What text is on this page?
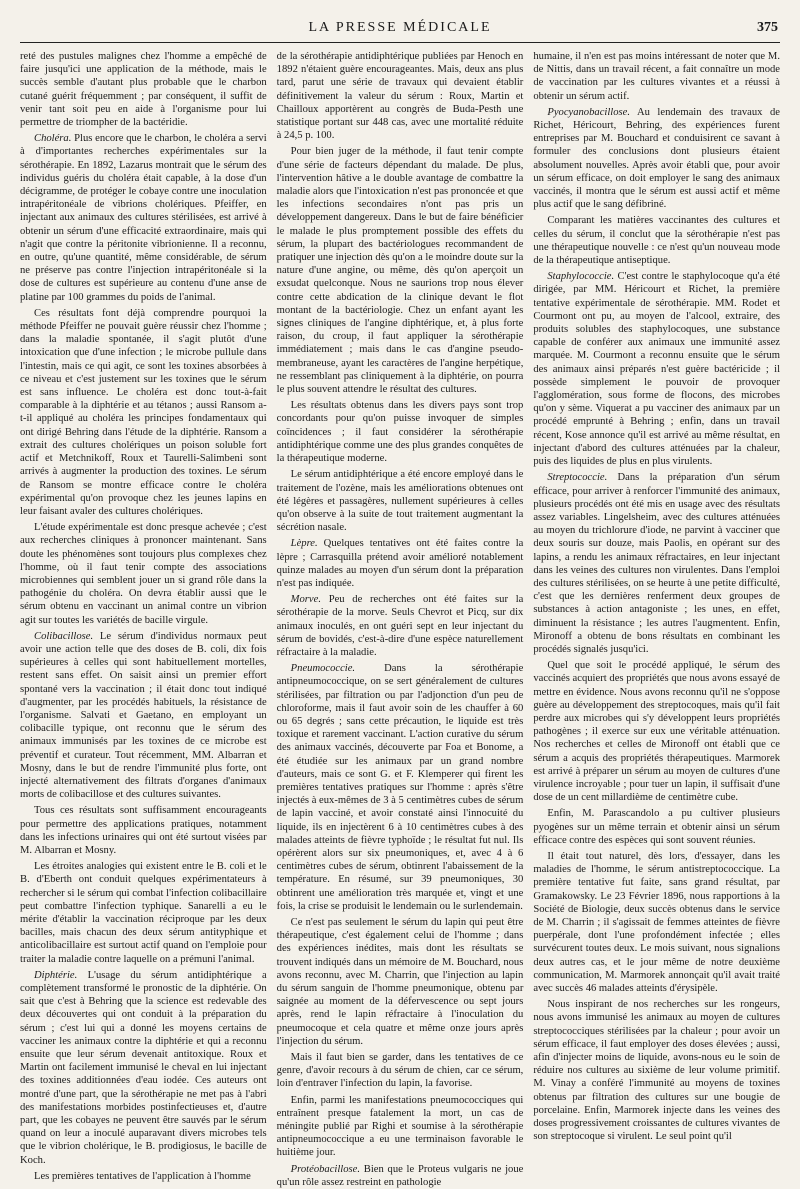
LA PRESSE MÉDICALE	375

reté des pustules malignes chez l'homme a empêché de faire jusqu'ici une application de la méthode, mais le succès semble d'autant plus probable que le charbon cutané guérit fréquemment ; par conséquent, il suffit de venir tant soit peu en aide à l'organisme pour lui permettre de triompher de la bactéridie.

Choléra. Plus encore que le charbon, le choléra a servi à d'importantes recherches expérimentales sur la sérothérapie. En 1892, Lazarus montrait que le sérum des individus guéris du choléra était capable, à la dose d'un décigramme, de protéger le cobaye contre une inoculation intrapéritonéale de vibrions cholériques. Pfeiffer, en injectant aux animaux des cultures stérilisées, est arrivé à obtenir un sérum d'une efficacité extraordinaire, mais qui n'agit que contre la péritonite vibrionienne. Il a reconnu, en outre, qu'une quantité, même considérable, de sérum ne préserve pas contre l'injection intrapéritonéale si la dose de cultures est supérieure au contenu d'une anse de platine par 100 grammes du poids de l'animal.

Ces résultats font déjà comprendre pourquoi la méthode Pfeiffer ne pouvait guère réussir chez l'homme ; dans la maladie spontanée, il s'agit plutôt d'une intoxication que d'une infection ; le microbe pullule dans l'intestin, mais ce qui agit, ce sont les toxines absorbées à ce niveau et c'est justement sur les toxines que le sérum est sans influence. Le choléra est donc tout-à-fait comparable à la diphtérie et au tétanos ; aussi Ransom a-t-il appliqué au choléra les principes fondamentaux qui ont dirigé Behring dans l'étude de la diphtérie. Ransom a extrait des cultures cholériques un poison soluble fort actif et Metchnikoff, Roux et Taurelli-Salimbeni sont arrivés à augmenter la production des toxines. Le sérum de Ransom se montre efficace contre le choléra expérimental qu'on provoque chez les jeunes lapins en leur faisant avaler des cultures cholériques.

L'étude expérimentale est donc presque achevée ; c'est aux recherches cliniques à prononcer maintenant. Sans doute les phénomènes sont toujours plus complexes chez l'homme, où il faut tenir compte des associations microbiennes qui semblent jouer un si grand rôle dans la pathogénie du choléra. On devra établir aussi que le sérum obtenu en vaccinant un animal contre un vibrion agit sur toutes les variétés de bacille virgule.

Colibacillose. Le sérum d'individus normaux peut avoir une action telle que des doses de B. coli, dix fois supérieures à celles qui sont habituellement mortelles, restent sans effet. On saisit ainsi un premier effort spontané vers la vaccination ; il était donc tout indiqué d'augmenter, par les procédés habituels, la résistance de l'organisme. Salvati et Gaetano, en employant un colibacille typique, ont reconnu que le sérum des animaux immunisés par les toxines de ce microbe est préventif et curateur. Tout récemment, MM. Albarran et Mosny, dans le but de rendre l'immunité plus forte, ont injecté alternativement des filtrats d'organes d'animaux morts de colibacillose et des cultures suivantes.

Tous ces résultats sont suffisamment encourageants pour permettre des applications pratiques, notamment dans les infections urinaires qui ont été surtout visées par M. Albarran et Mosny.

Les étroites analogies qui existent entre le B. coli et le B. d'Eberth ont conduit quelques expérimentateurs à rechercher si le sérum qui combat l'infection colibacillaire peut combattre l'infection typhique. Sanarelli a eu le mérite d'établir la vaccination réciproque par les deux bacilles, mais chacun des deux sérum antityphique et anticolibacillaire est surtout actif quand on l'emploie pour traiter la maladie contre laquelle on a prémuni l'animal.

Diphtérie. L'usage du sérum antidiphtérique a complètement transformé le pronostic de la diphtérie. On sait que c'est à Behring que la science est redevable des deux découvertes qui ont conduit à la préparation du sérum ; c'est lui qui a donné les moyens certains de vacciner les animaux contre la diphtérie et qui a reconnu ensuite que leur sérum devenait antitoxique. Roux et Martin ont facilement immunisé le cheval en lui injectant des toxines additionnées d'eau iodée. Ces auteurs ont montré d'une part, que la sérothérapie ne met pas à l'abri des manifestations morbides postinfectieuses et, d'autre part, que les cobayes ne peuvent être sauvés par le sérum quand on leur a inoculé auparavant divers microbes tels que le vibrion cholérique, le B. prodigiosus, le bacille de Koch.

Les premières tentatives de l'application à l'homme

de la sérothérapie antidiphtérique publiées par Henoch en 1892 n'étaient guère encourageantes. Mais, deux ans plus tard, parut une série de travaux qui devaient établir définitivement la valeur du sérum : Roux, Martin et Chailloux apportèrent au congrès de Buda-Pesth une statistique portant sur 448 cas, avec une mortalité réduite à 24,5 p. 100.

Pour bien juger de la méthode, il faut tenir compte d'une série de facteurs dépendant du malade. De plus, l'intervention hâtive a le double avantage de combattre la maladie alors que l'intoxication n'est pas prononcée et que les infections secondaires n'ont pas pris un développement dangereux. Dans le but de faire bénéficier le malade le plus promptement possible des effets du sérum, la plupart des bactériologues recommandent de pratiquer une injection dès qu'on a le moindre doute sur la nature d'une angine, ou même, dès qu'on aperçoit un exsudat quelconque. Nous ne saurions trop nous élever contre cette abdication de la clinique devant le flot montant de la bactériologie. Chez un enfant ayant les signes cliniques de l'angine diphtérique, et, à plus forte raison, du croup, il faut appliquer la sérothérapie immédiatement ; mais dans le cas d'angine pseudo-membraneuse, ayant les caractères de l'angine herpétique, ne ressemblant pas cliniquement à la diphtérie, on pourra le plus souvent attendre le résultat des cultures.

Les résultats obtenus dans les divers pays sont trop concordants pour qu'on puisse invoquer de simples coïncidences ; il faut considérer la sérothérapie antidiphtérique comme une des plus grandes conquêtes de la thérapeutique moderne.

Le sérum antidiphtérique a été encore employé dans le traitement de l'ozène, mais les améliorations obtenues ont été légères et passagères, nullement supérieures à celles qu'on observe à la suite de tout traitement augmentant la sécrétion nasale.

Lèpre. Quelques tentatives ont été faites contre la lèpre ; Carrasquilla prétend avoir amélioré notablement quinze malades au moyen d'un sérum dont la préparation n'est pas indiquée.

Morve. Peu de recherches ont été faites sur la sérothérapie de la morve. Seuls Chevrot et Picq, sur dix animaux inoculés, en ont guéri sept en leur injectant du sérum de bovidés, c'est-à-dire d'une espèce naturellement réfractaire à la maladie.

Pneumococcie. Dans la sérothérapie antipneumococcique, on se sert généralement de cultures stérilisées, par filtration ou par l'adjonction d'un peu de chloroforme, mais il faut avoir soin de les chauffer à 60 ou 65 degrés ; sans cette précaution, le liquide est très toxique et rarement vaccinant. L'action curative du sérum des animaux vaccinés, découverte par Foa et Bonome, a été étudiée sur les animaux par un grand nombre d'auteurs, mais ce sont G. et F. Klemperer qui firent les premières tentatives pratiques sur l'homme : après s'être injectés à eux-mêmes de 3 à 5 centimètres cubes de sérum de lapin vacciné, et avoir constaté ainsi l'innocuité du liquide, ils en injectèrent 6 à 10 centimètres cubes à des malades atteints de fièvre typhoïde ; le résultat fut nul. Ils opérèrent alors sur six pneumoniques, et, avec 4 à 6 centimètres cubes de sérum, obtinrent l'abaissement de la température. En résumé, sur 39 pneumoniques, 30 obtinrent une amélioration très marquée et, vingt et une fois, la crise se produisit le lendemain ou le surlendemain.

Ce n'est pas seulement le sérum du lapin qui peut être thérapeutique, c'est également celui de l'homme ; dans des expériences inédites, mais dont les résultats se trouvent indiqués dans un mémoire de M. Bouchard, nous avons reconnu, avec M. Charrin, que l'injection au lapin du sérum sanguin de l'homme pneumonique, obtenu par saignée au moment de la défervescence ou sept jours après, rend le lapin réfractaire à l'inoculation du pneumocoque et cela quatre et même onze jours après l'injection du sérum.

Mais il faut bien se garder, dans les tentatives de ce genre, d'avoir recours à du sérum de chien, car ce sérum, loin d'entraver l'infection du lapin, la favorise.

Enfin, parmi les manifestations pneumococciques qui entraînent presque fatalement la mort, un cas de méningite publié par Righi et soumise à la sérothérapie antipneumococcique a eu une terminaison favorable le huitième jour.

Protéobacillose. Bien que le Proteus vulgaris ne joue qu'un rôle assez restreint en pathologie

humaine, il n'en est pas moins intéressant de noter que M. de Nittis, dans un travail récent, a fait connaître un mode de vaccination par les cultures vivantes et a réussi à obtenir un sérum actif.

Pyocyanobacillose. Au lendemain des travaux de Richet, Héricourt, Behring, des expériences furent entreprises par M. Bouchard et conduisirent ce savant à formuler des conclusions dont plusieurs étaient absolument nouvelles. Après avoir établi que, pour avoir un sérum efficace, on doit employer le sang des animaux vaccinés, il montra que le sérum est aussi actif et même plus actif que le sang défibriné.

Comparant les matières vaccinantes des cultures et celles du sérum, il conclut que la sérothérapie n'est pas une thérapeutique nouvelle : ce n'est qu'un nouveau mode de la thérapeutique antiseptique.

Staphylococcie. C'est contre le staphylocoque qu'a été dirigée, par MM. Héricourt et Richet, la première tentative expérimentale de sérothérapie. MM. Rodet et Courmont ont pu, au moyen de l'alcool, extraire, des produits solubles des staphylocoques, une substance capable de conférer aux animaux une immunité assez marquée. M. Courmont a reconnu ensuite que le sérum des animaux ainsi préparés n'est guère bactéricide ; il possède simplement le pouvoir de provoquer l'agglomération, sous forme de flocons, des microbes qu'on y sème. Viquerat a pu vacciner des animaux par un procédé emprunté à Behring ; enfin, dans un travail récent, Kose annonce qu'il est arrivé au même résultat, en injectant d'abord des cultures atténuées par la chaleur, puis des liquides de plus en plus virulents.

Streptococcie. Dans la préparation d'un sérum efficace, pour arriver à renforcer l'immunité des animaux, plusieurs procédés ont été mis en usage avec des résultats assez variables. Lingelsheim, avec des cultures atténuées au moyen du trichlorure d'iode, ne parvint à vacciner que deux souris sur douze, mais Paolis, en opérant sur des lapins, a rendu les animaux réfractaires, en leur injectant dans les veines des cultures non virulentes. Dans l'emploi des cultures stérilisées, on se heurte à une petite difficulté, c'est que les dernières renferment deux groupes de substances à action antagoniste ; les unes, en effet, diminuent la résistance ; les autres l'augmentent. Enfin, Mironoff a obtenu de bons résultats en combinant les procédés signalés jusqu'ici.

Quel que soit le procédé appliqué, le sérum des vaccinés acquiert des propriétés que nous avons essayé de mettre en évidence. Nous avons reconnu qu'il ne s'oppose guère au développement des streptocoques, mais qu'il fait perdre aux microbes qui s'y développent leurs propriétés pathogènes ; il exerce sur eux une véritable atténuation. Nos recherches et celles de Mironoff ont établi que ce sérum a acquis des propriétés thérapeutiques. Marmorek est arrivé à préparer un sérum au moyen de cultures d'une virulence incroyable ; pour tuer un lapin, il suffisait d'une dose de un cent millardième de centimètre cube.

Enfin, M. Parascandolo a pu cultiver plusieurs pyogènes sur un même terrain et obtenir ainsi un sérum efficace contre des espèces qui sont souvent réunies.

Il était tout naturel, dès lors, d'essayer, dans les maladies de l'homme, le sérum antistreptococcique. La première tentative fut faite, sans grand résultat, par Gramakowsky. Le 23 Février 1896, nous rapportions à la Société de Biologie, deux succès obtenus dans le service de M. Charrin ; il s'agissait de femmes atteintes de fièvre puerpérale, dont l'une profondément infectée ; elles survécurent toutes deux. Le mois suivant, nous signalions deux autres cas, et le jour même de notre deuxième communication, M. Marmorek annonçait qu'il avait traité avec succès 46 malades atteints d'érysipèle.

Nous inspirant de nos recherches sur les rongeurs, nous avons immunisé les animaux au moyen de cultures streptococciques stérilisées par la chaleur ; pour avoir un sérum efficace, il faut employer des doses élevées ; aussi, afin d'injecter moins de liquide, avons-nous eu le soin de réduire nos cultures au sixième de leur volume primitif. M. Vinay a conféré l'immunité au moyens de toxines obtenus par filtration des cultures sur une bougie de porcelaine. Enfin, Marmorek injecte dans les veines des doses progressivement croissantes de cultures vivantes de son streptocoque si virulent. Le seul point qu'il
